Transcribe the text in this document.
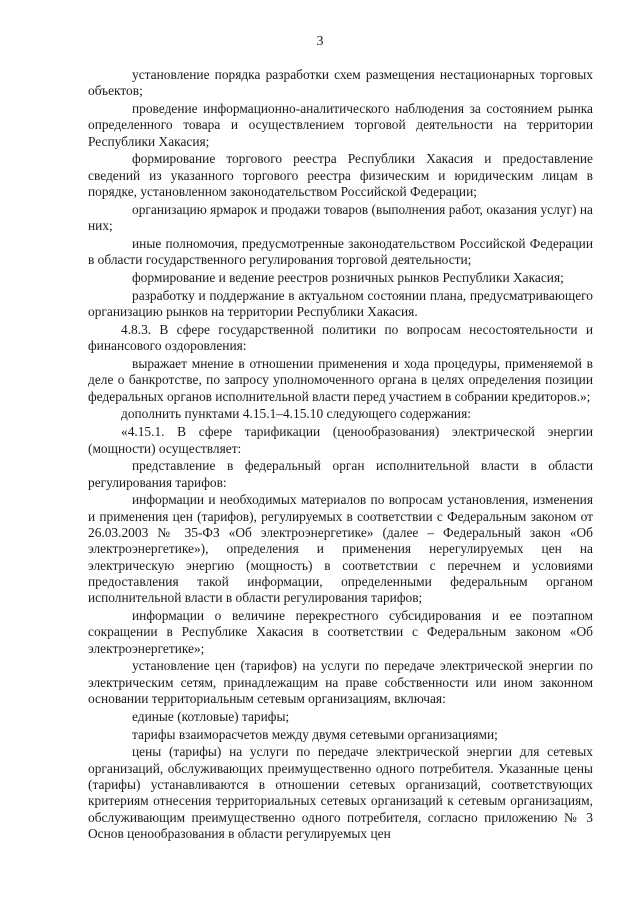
3

установление порядка разработки схем размещения нестационарных торговых объектов;

проведение информационно-аналитического наблюдения за состоянием рынка определенного товара и осуществлением торговой деятельности на территории Республики Хакасия;

формирование торгового реестра Республики Хакасия и предоставление сведений из указанного торгового реестра физическим и юридическим лицам в порядке, установленном законодательством Российской Федерации;

организацию ярмарок и продажи товаров (выполнения работ, оказания услуг) на них;

иные полномочия, предусмотренные законодательством Российской Федерации в области государственного регулирования торговой деятельности;

формирование и ведение реестров розничных рынков Республики Хакасия;

разработку и поддержание в актуальном состоянии плана, предусматривающего организацию рынков на территории Республики Хакасия.

4.8.3. В сфере государственной политики по вопросам несостоятельности и финансового оздоровления:

выражает мнение в отношении применения и хода процедуры, применяемой в деле о банкротстве, по запросу уполномоченного органа в целях определения позиции федеральных органов исполнительной власти перед участием в собрании кредиторов.»;

дополнить пунктами 4.15.1–4.15.10 следующего содержания:

«4.15.1. В сфере тарификации (ценообразования) электрической энергии (мощности) осуществляет:

представление в федеральный орган исполнительной власти в области регулирования тарифов:

информации и необходимых материалов по вопросам установления, изменения и применения цен (тарифов), регулируемых в соответствии с Федеральным законом от 26.03.2003 № 35-ФЗ «Об электроэнергетике» (далее – Федеральный закон «Об электроэнергетике»), определения и применения нерегулируемых цен на электрическую энергию (мощность) в соответствии с перечнем и условиями предоставления такой информации, определенными федеральным органом исполнительной власти в области регулирования тарифов;

информации о величине перекрестного субсидирования и ее поэтапном сокращении в Республике Хакасия в соответствии с Федеральным законом «Об электроэнергетике»;

установление цен (тарифов) на услуги по передаче электрической энергии по электрическим сетям, принадлежащим на праве собственности или ином законном основании территориальным сетевым организациям, включая:

единые (котловые) тарифы;

тарифы взаиморасчетов между двумя сетевыми организациями;

цены (тарифы) на услуги по передаче электрической энергии для сетевых организаций, обслуживающих преимущественно одного потребителя. Указанные цены (тарифы) устанавливаются в отношении сетевых организаций, соответствующих критериям отнесения территориальных сетевых организаций к сетевым организациям, обслуживающим преимущественно одного потребителя, согласно приложению № 3 Основ ценообразования в области регулируемых цен
